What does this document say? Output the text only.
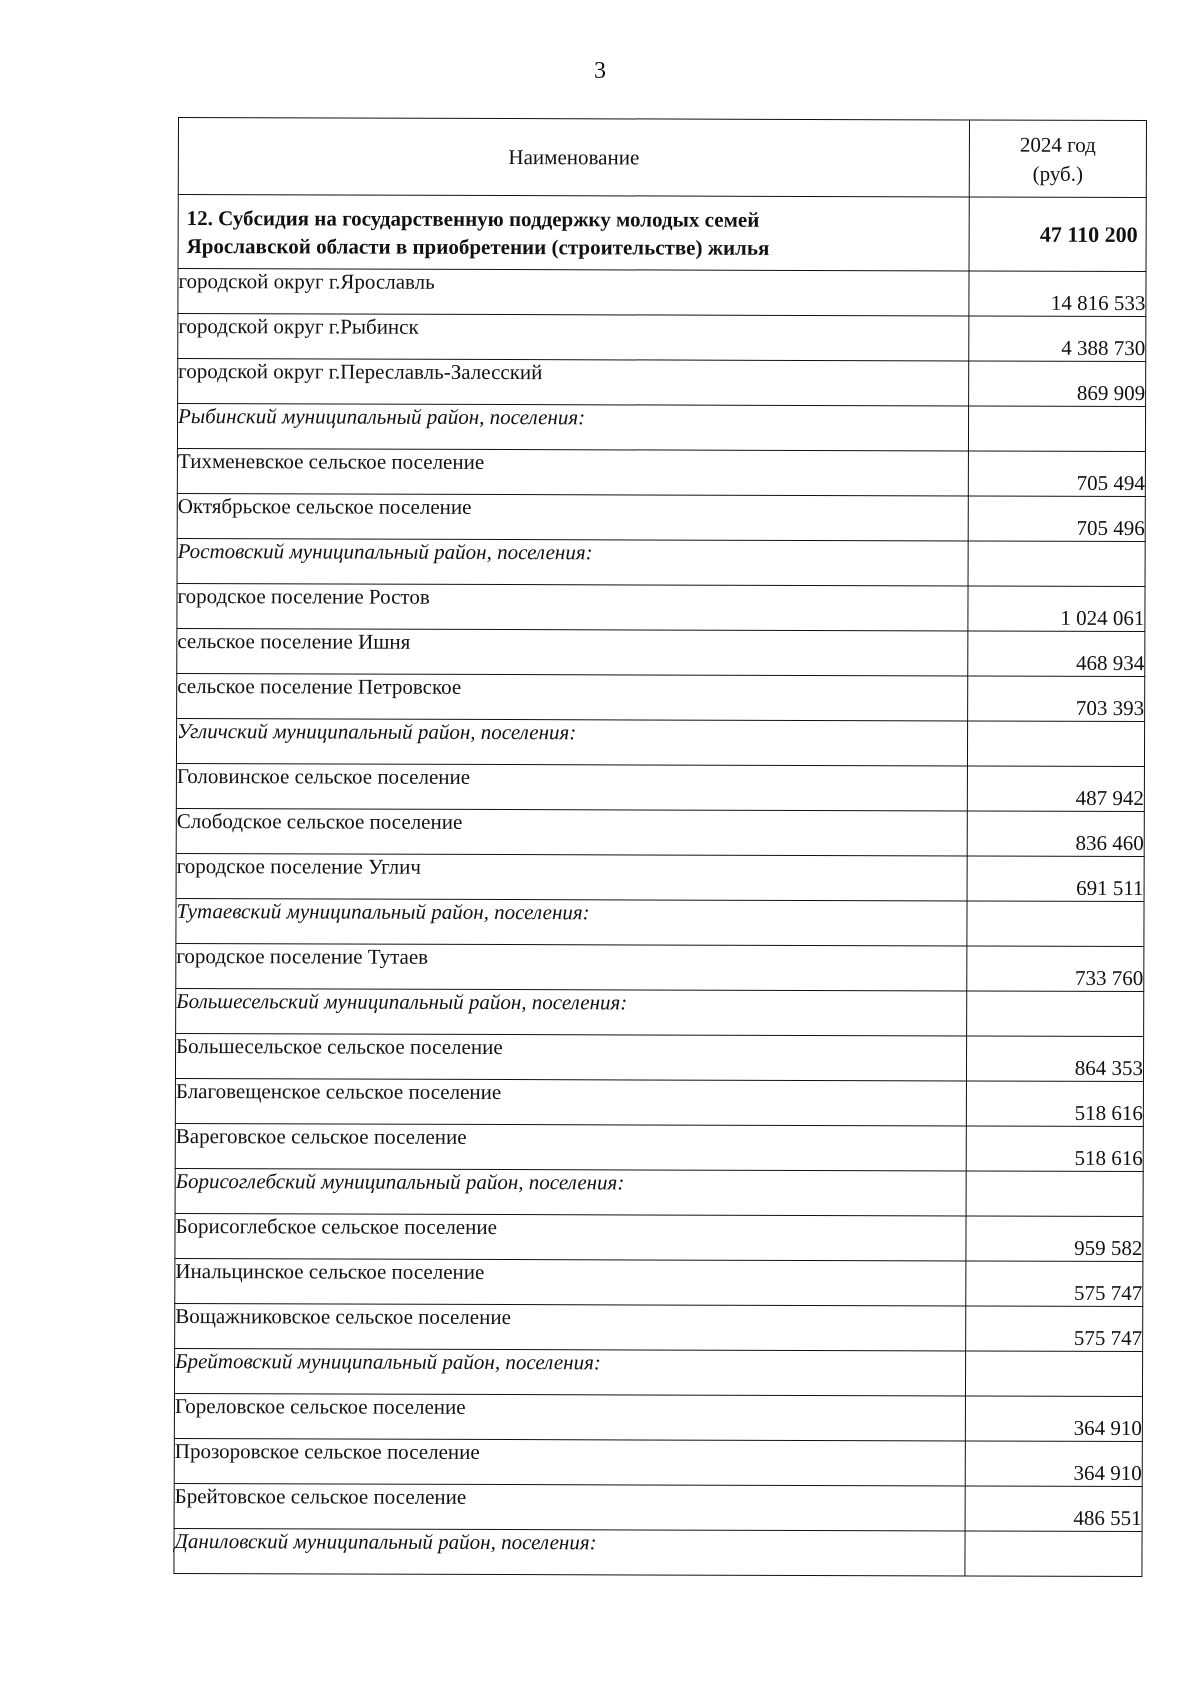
3
Наименование	2024 год
(руб.)
12. Субсидия на государственную поддержку молодых семей
Ярославской области в приобретении (строительстве) жилья	47 110 200
городской округ г.Ярославль	14 816 533
городской округ г.Рыбинск	4 388 730
городской округ г.Переславль-Залесский	869 909
Рыбинский муниципальный район, поселения:	
Тихменевское сельское поселение	705 494
Октябрьское сельское поселение	705 496
Ростовский муниципальный район, поселения:	
городское поселение Ростов	1 024 061
сельское поселение Ишня	468 934
сельское поселение Петровское	703 393
Угличский муниципальный район, поселения:	
Головинское сельское поселение	487 942
Слободское сельское поселение	836 460
городское поселение Углич	691 511
Тутаевский муниципальный район, поселения:	
городское поселение Тутаев	733 760
Большесельский муниципальный район, поселения:	
Большесельское сельское поселение	864 353
Благовещенское сельское поселение	518 616
Вареговское сельское поселение	518 616
Борисоглебский муниципальный район, поселения:	
Борисоглебское сельское поселение	959 582
Инальцинское сельское поселение	575 747
Вощажниковское сельское поселение	575 747
Брейтовский муниципальный район, поселения:	
Гореловское сельское поселение	364 910
Прозоровское сельское поселение	364 910
Брейтовское сельское поселение	486 551
Даниловский муниципальный район, поселения:	
